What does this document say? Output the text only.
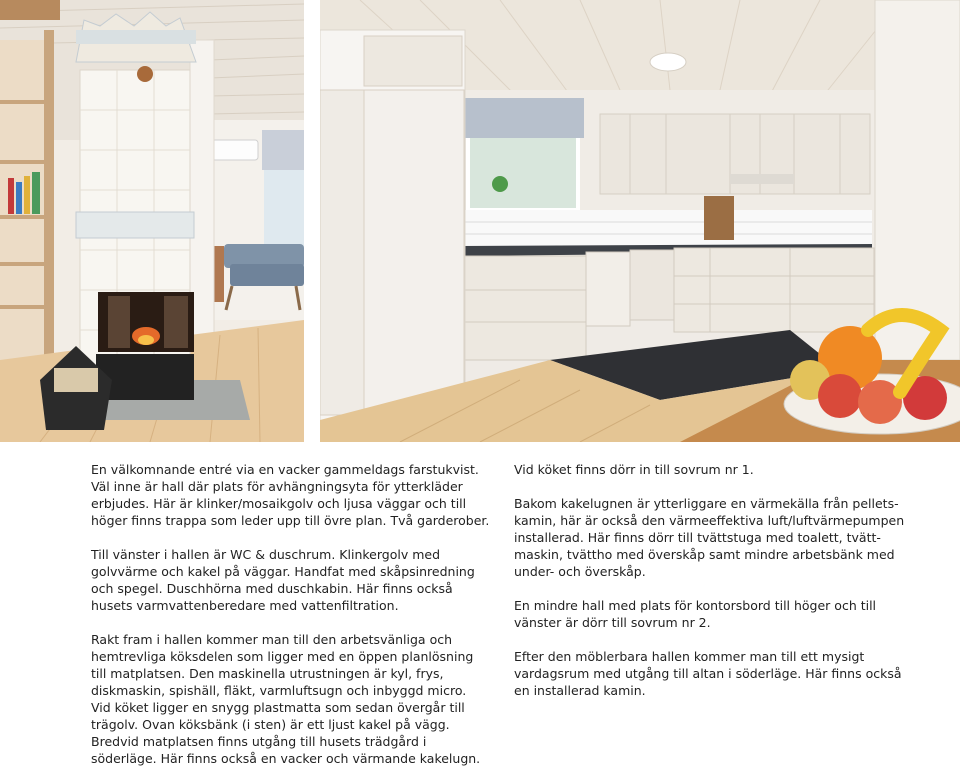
En välkomnande entré via en vacker gammeldags farstukvist.
Väl inne är hall där plats för avhängningsyta för ytterkläder
erbjudes. Här är klinker/mosaikgolv och ljusa väggar och till
höger finns trappa som leder upp till övre plan. Två garderober.

Till vänster i hallen är WC & duschrum. Klinkergolv med
golvvärme och kakel på väggar. Handfat med skåpsinredning
och spegel. Duschhörna med duschkabin. Här finns också
husets varmvattenberedare med vattenfiltration.

Rakt fram i hallen kommer man till den arbetsvänliga och
hemtrevliga köksdelen som ligger med en öppen planlösning
till matplatsen. Den maskinella utrustningen är kyl, frys,
diskmaskin, spishäll, fläkt, varmluftsugn och inbyggd micro.
Vid köket ligger en snygg plastmatta som sedan övergår till
trägolv. Ovan köksbänk (i sten) är ett ljust kakel på vägg.
Bredvid matplatsen finns utgång till husets trädgård i
söderläge. Här finns också en vacker och värmande kakelugn.

Vid köket finns dörr in till sovrum nr 1.

Bakom kakelugnen är ytterliggare en värmekälla från pellets-
kamin, här är också den värmeeffektiva luft/luftvärmepumpen
installerad. Här finns dörr till tvättstuga med toalett, tvätt-
maskin, tvättho med överskåp samt mindre arbetsbänk med
under- och överskåp.

En mindre hall med plats för kontorsbord till höger och till
vänster är dörr till sovrum nr 2.

Efter den möblerbara hallen kommer man till ett mysigt
vardagsrum med utgång till altan i söderläge. Här finns också
en installerad kamin.
